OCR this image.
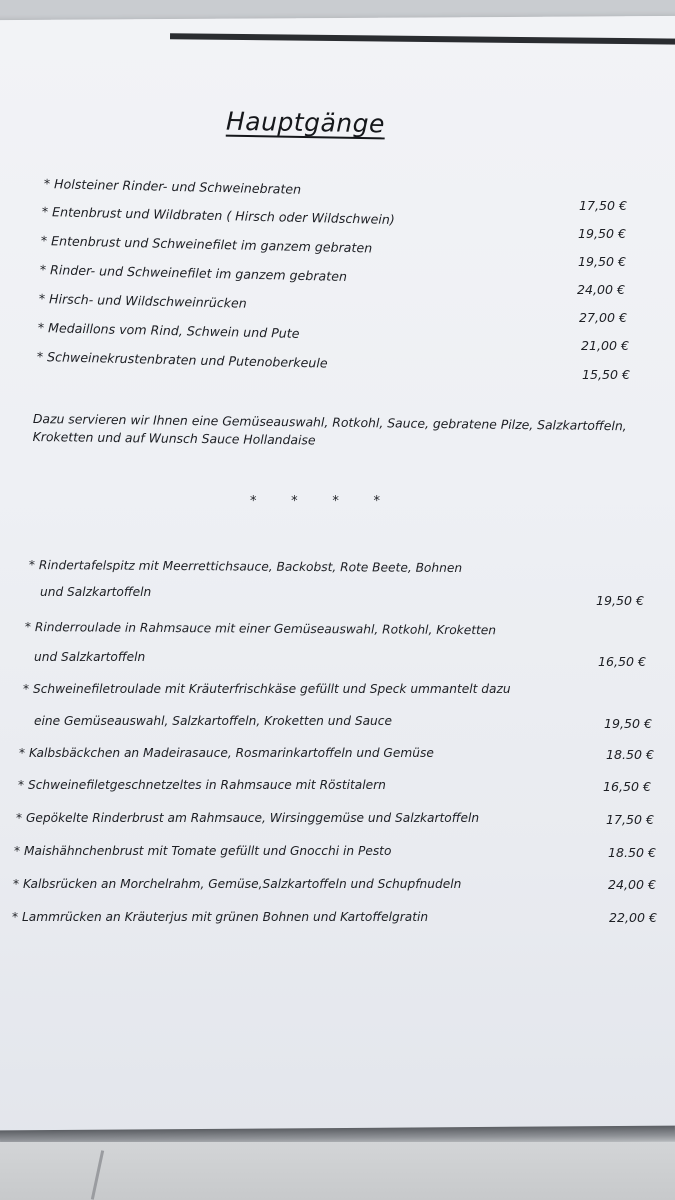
Hauptgänge
* Holsteiner Rinder- und Schweinebraten
17,50 €
* Entenbrust und Wildbraten ( Hirsch oder Wildschwein)
19,50 €
* Entenbrust und Schweinefilet im ganzem gebraten
19,50 €
* Rinder- und Schweinefilet im ganzem gebraten
24,00 €
* Hirsch- und Wildschweinrücken
27,00 €
* Medaillons vom Rind, Schwein und Pute
21,00 €
* Schweinekrustenbraten und Putenoberkeule
15,50 €
Dazu servieren wir Ihnen eine Gemüseauswahl, Rotkohl, Sauce, gebratene Pilze, Salzkartoffeln, Kroketten und auf Wunsch Sauce Hollandaise
*	*	*	*
* Rindertafelspitz mit Meerrettichsauce, Backobst, Rote Beete, Bohnen
und Salzkartoffeln
19,50 €
* Rinderroulade in Rahmsauce mit einer Gemüseauswahl, Rotkohl, Kroketten
und Salzkartoffeln	16,50 €
* Schweinefiletroulade mit Kräuterfrischkäse gefüllt und Speck ummantelt dazu
eine Gemüseauswahl, Salzkartoffeln, Kroketten und Sauce	19,50 €
* Kalbsbäckchen an Madeirasauce, Rosmarinkartoffeln und Gemüse	18.50 €
* Schweinefiletgeschnetzeltes in Rahmsauce mit Röstitalern	16,50 €
* Gepökelte Rinderbrust am Rahmsauce, Wirsinggemüse und Salzkartoffeln	17,50 €
* Maishähnchenbrust mit Tomate gefüllt und Gnocchi in Pesto	18.50 €
* Kalbsrücken an Morchelrahm, Gemüse,Salzkartoffeln und Schupfnudeln	24,00 €
* Lammrücken an Kräuterjus mit grünen Bohnen und Kartoffelgratin	22,00 €
